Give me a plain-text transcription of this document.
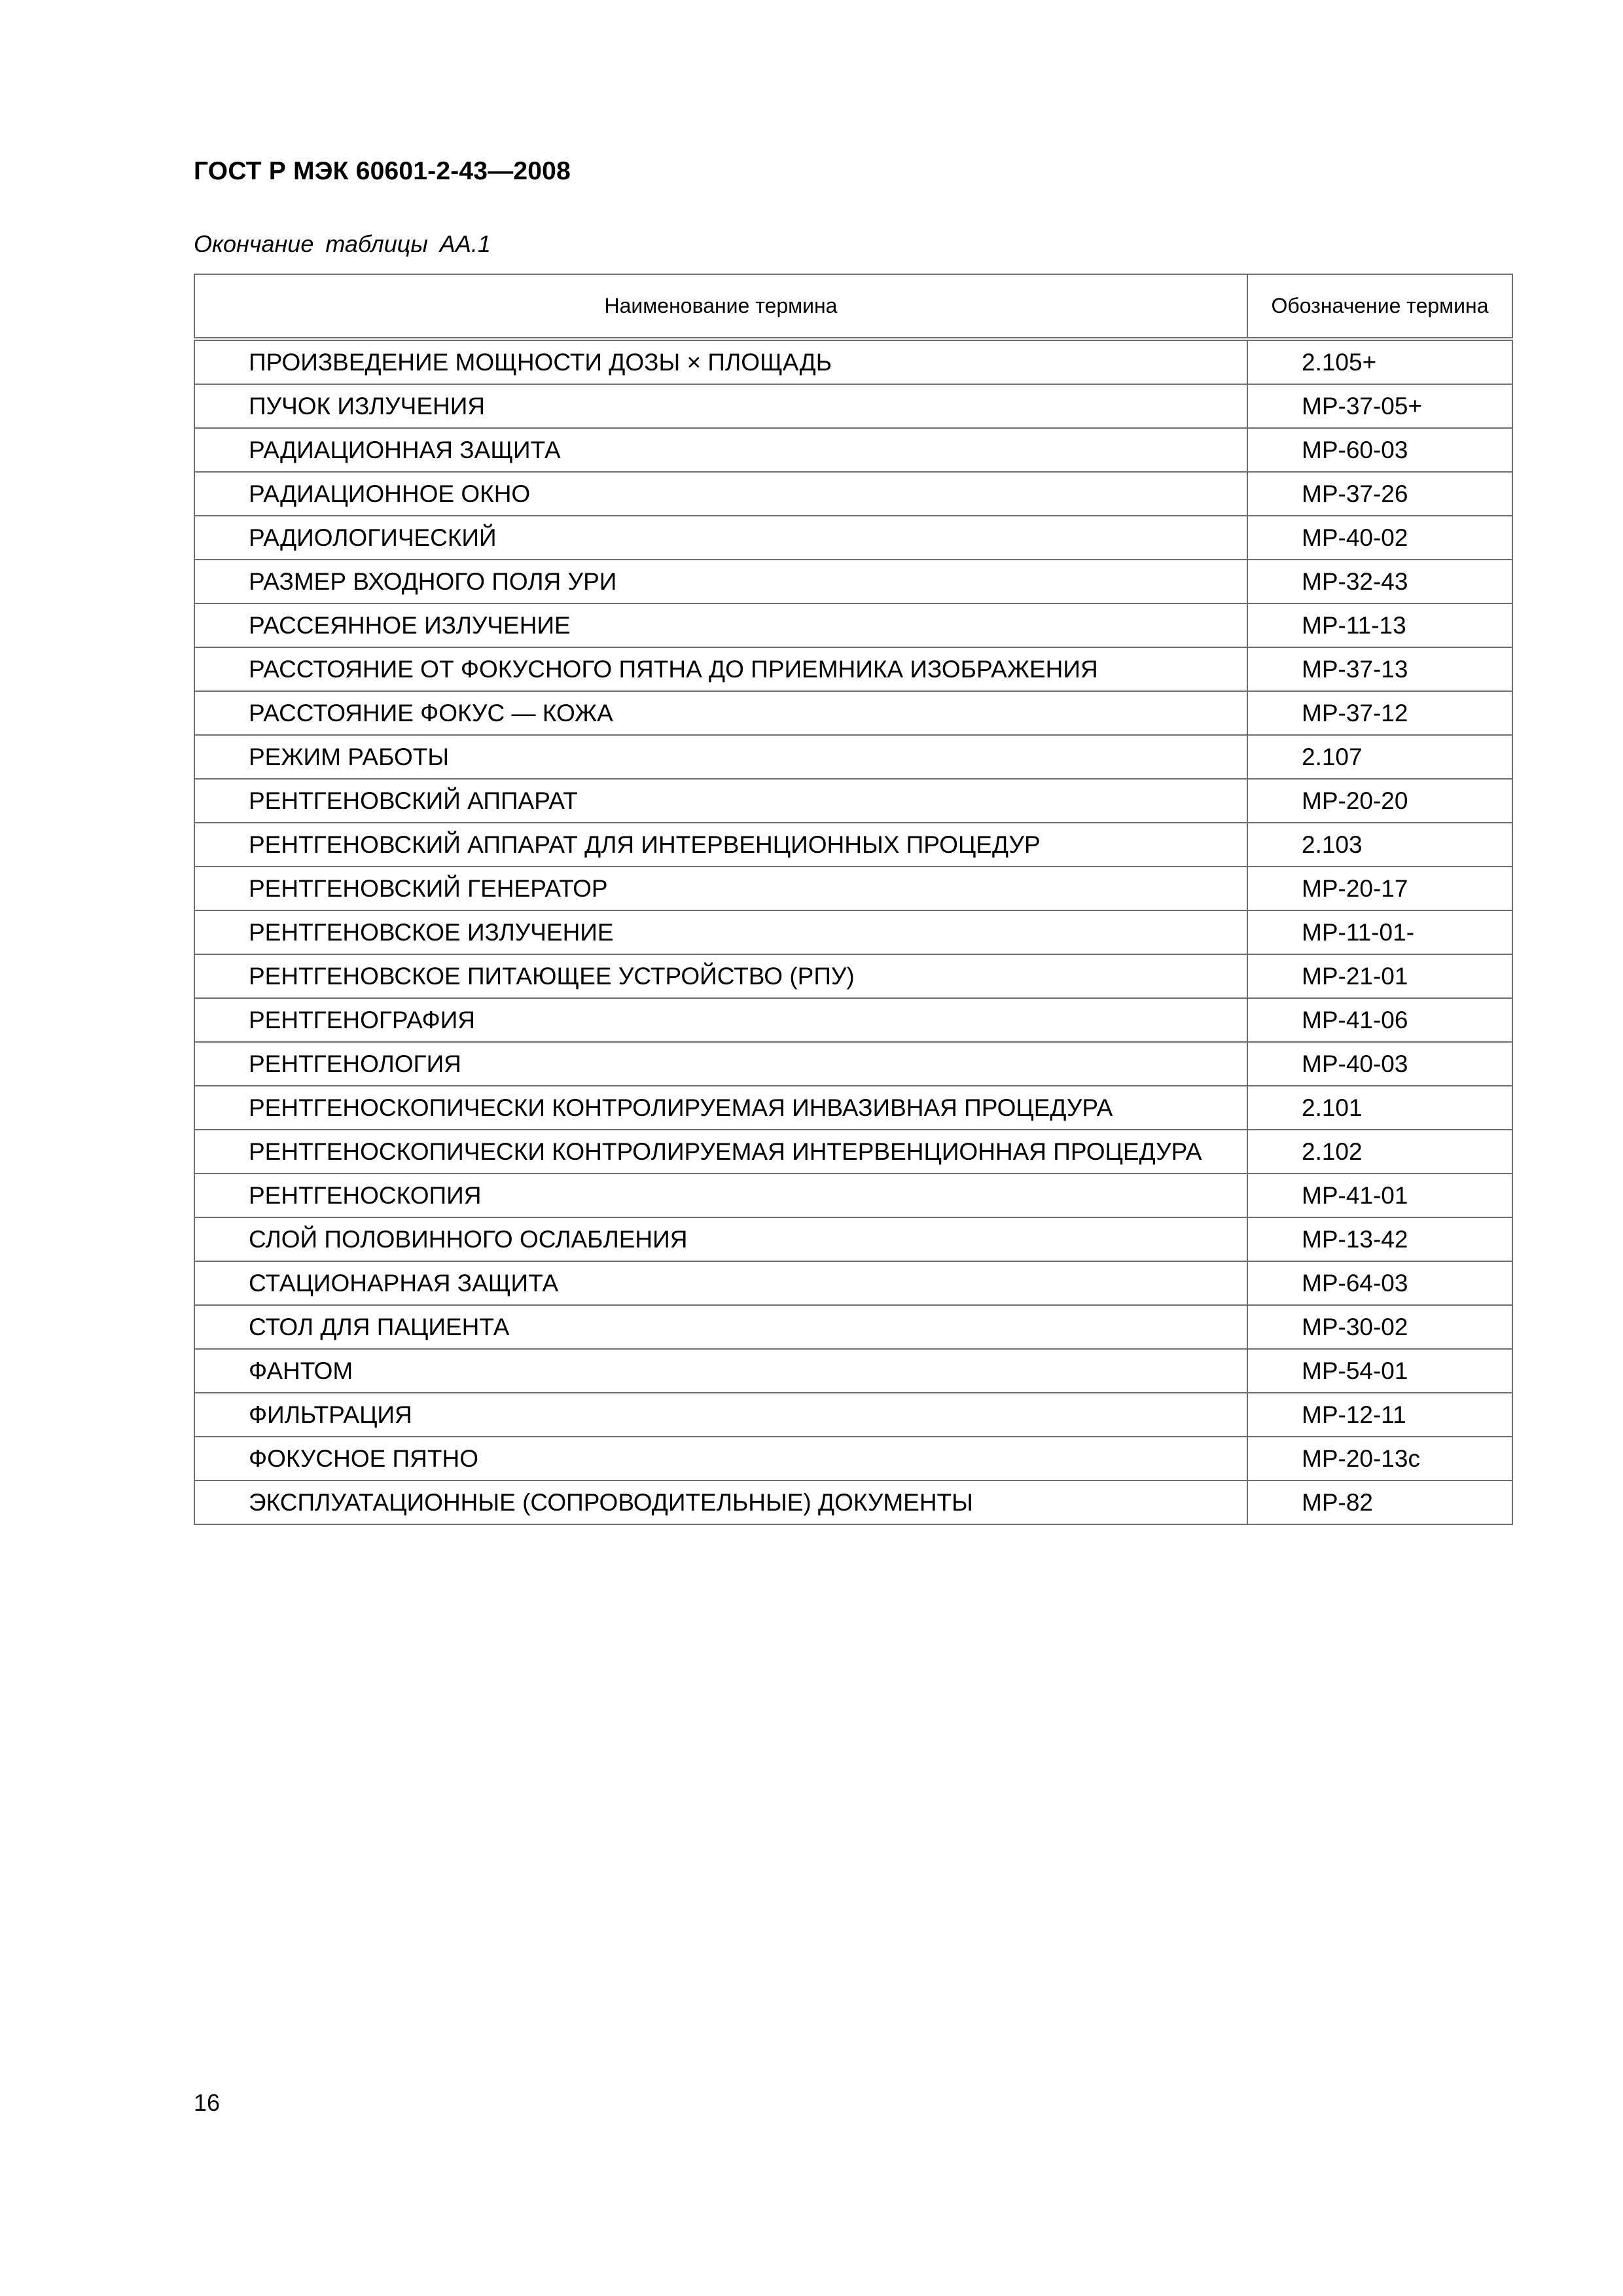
ГОСТ Р МЭК 60601-2-43—2008
Окончание таблицы АА.1
Наименование термина	Обозначение термина
ПРОИЗВЕДЕНИЕ МОЩНОСТИ ДОЗЫ × ПЛОЩАДЬ	2.105+
ПУЧОК ИЗЛУЧЕНИЯ	МР-37-05+
РАДИАЦИОННАЯ ЗАЩИТА	МР-60-03
РАДИАЦИОННОЕ ОКНО	МР-37-26
РАДИОЛОГИЧЕСКИЙ	МР-40-02
РАЗМЕР ВХОДНОГО ПОЛЯ УРИ	МР-32-43
РАССЕЯННОЕ ИЗЛУЧЕНИЕ	МР-11-13
РАССТОЯНИЕ ОТ ФОКУСНОГО ПЯТНА ДО ПРИЕМНИКА ИЗОБРАЖЕНИЯ	МР-37-13
РАССТОЯНИЕ ФОКУС — КОЖА	МР-37-12
РЕЖИМ РАБОТЫ	2.107
РЕНТГЕНОВСКИЙ АППАРАТ	МР-20-20
РЕНТГЕНОВСКИЙ АППАРАТ ДЛЯ ИНТЕРВЕНЦИОННЫХ ПРОЦЕДУР	2.103
РЕНТГЕНОВСКИЙ ГЕНЕРАТОР	МР-20-17
РЕНТГЕНОВСКОЕ ИЗЛУЧЕНИЕ	МР-11-01-
РЕНТГЕНОВСКОЕ ПИТАЮЩЕЕ УСТРОЙСТВО (РПУ)	МР-21-01
РЕНТГЕНОГРАФИЯ	МР-41-06
РЕНТГЕНОЛОГИЯ	МР-40-03
РЕНТГЕНОСКОПИЧЕСКИ КОНТРОЛИРУЕМАЯ ИНВАЗИВНАЯ ПРОЦЕДУРА	2.101
РЕНТГЕНОСКОПИЧЕСКИ КОНТРОЛИРУЕМАЯ ИНТЕРВЕНЦИОННАЯ ПРОЦЕДУРА	2.102
РЕНТГЕНОСКОПИЯ	МР-41-01
СЛОЙ ПОЛОВИННОГО ОСЛАБЛЕНИЯ	МР-13-42
СТАЦИОНАРНАЯ ЗАЩИТА	МР-64-03
СТОЛ ДЛЯ ПАЦИЕНТА	МР-30-02
ФАНТОМ	МР-54-01
ФИЛЬТРАЦИЯ	МР-12-11
ФОКУСНОЕ ПЯТНО	МР-20-13с
ЭКСПЛУАТАЦИОННЫЕ (СОПРОВОДИТЕЛЬНЫЕ) ДОКУМЕНТЫ	МР-82
16
